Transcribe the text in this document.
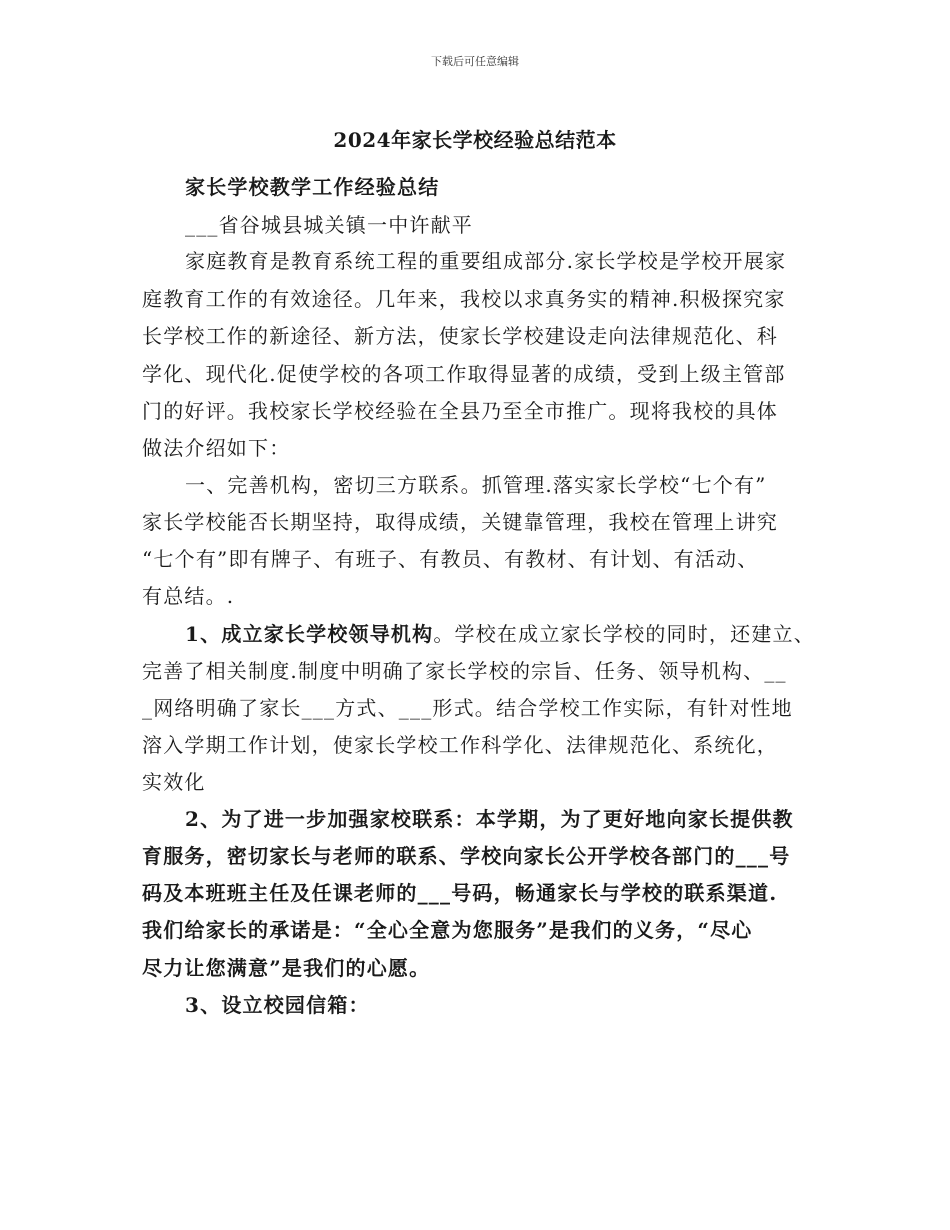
下载后可任意编辑
2024年家长学校经验总结范本
家长学校教学工作经验总结
___省谷城县城关镇一中许献平
家庭教育是教育系统工程的重要组成部分.家长学校是学校开展家
庭教育工作的有效途径。几年来，我校以求真务实的精神.积极探究家
长学校工作的新途径、新方法，使家长学校建设走向法律规范化、科
学化、现代化.促使学校的各项工作取得显著的成绩，受到上级主管部
门的好评。我校家长学校经验在全县乃至全市推广。现将我校的具体
做法介绍如下：
一、完善机构，密切三方联系。抓管理.落实家长学校“七个有”
家长学校能否长期坚持，取得成绩，关键靠管理，我校在管理上讲究
“七个有”即有牌子、有班子、有教员、有教材、有计划、有活动、
有总结。.
1、成立家长学校领导机构。学校在成立家长学校的同时，还建立、
完善了相关制度.制度中明确了家长学校的宗旨、任务、领导机构、__
_网络明确了家长___方式、___形式。结合学校工作实际，有针对性地
溶入学期工作计划，使家长学校工作科学化、法律规范化、系统化，
实效化
2、为了进一步加强家校联系：本学期，为了更好地向家长提供教
育服务，密切家长与老师的联系、学校向家长公开学校各部门的___号
码及本班班主任及任课老师的___号码，畅通家长与学校的联系渠道.
我们给家长的承诺是：“全心全意为您服务”是我们的义务，“尽心
尽力让您满意”是我们的心愿。
3、设立校园信箱：
